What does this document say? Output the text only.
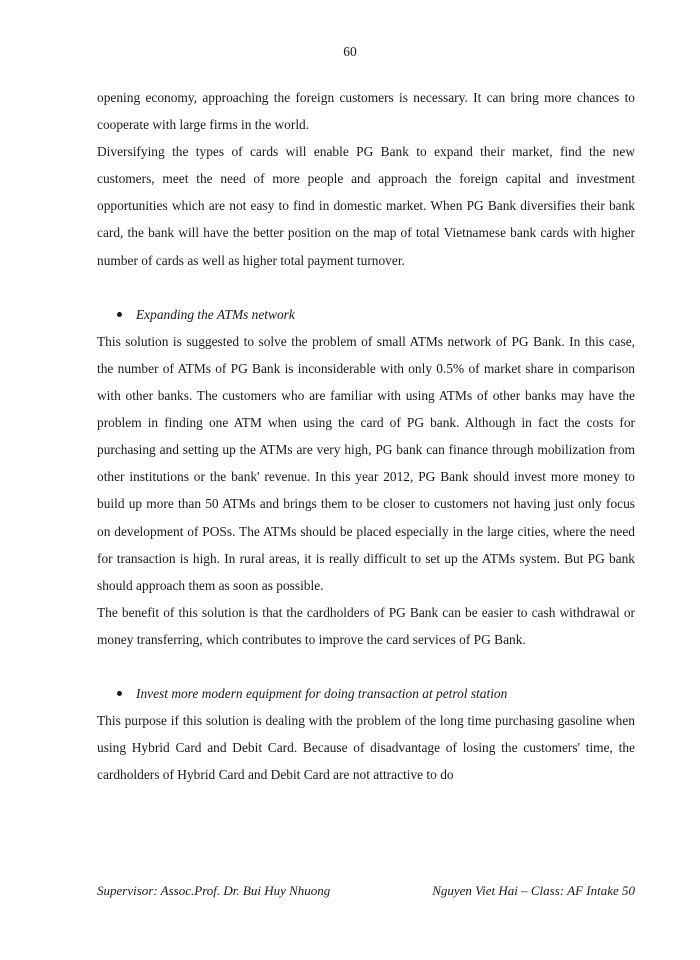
60

opening economy, approaching the foreign customers is necessary. It can bring more chances to cooperate with large firms in the world.

Diversifying the types of cards will enable PG Bank to expand their market, find the new customers, meet the need of more people and approach the foreign capital and investment opportunities which are not easy to find in domestic market. When PG Bank diversifies their bank card, the bank will have the better position on the map of total Vietnamese bank cards with higher number of cards as well as higher total payment turnover.

Expanding the ATMs network

This solution is suggested to solve the problem of small ATMs network of PG Bank. In this case, the number of ATMs of PG Bank is inconsiderable with only 0.5% of market share in comparison with other banks. The customers who are familiar with using ATMs of other banks may have the problem in finding one ATM when using the card of PG bank. Although in fact the costs for purchasing and setting up the ATMs are very high, PG bank can finance through mobilization from other institutions or the bank' revenue. In this year 2012, PG Bank should invest more money to build up more than 50 ATMs and brings them to be closer to customers not having just only focus on development of POSs. The ATMs should be placed especially in the large cities, where the need for transaction is high. In rural areas, it is really difficult to set up the ATMs system. But PG bank should approach them as soon as possible.

The benefit of this solution is that the cardholders of PG Bank can be easier to cash withdrawal or money transferring, which contributes to improve the card services of PG Bank.

Invest more modern equipment for doing transaction at petrol station

This purpose if this solution is dealing with the problem of the long time purchasing gasoline when using Hybrid Card and Debit Card. Because of disadvantage of losing the customers' time, the cardholders of Hybrid Card and Debit Card are not attractive to do

Supervisor: Assoc.Prof. Dr. Bui Huy Nhuong	Nguyen Viet Hai – Class: AF Intake 50
